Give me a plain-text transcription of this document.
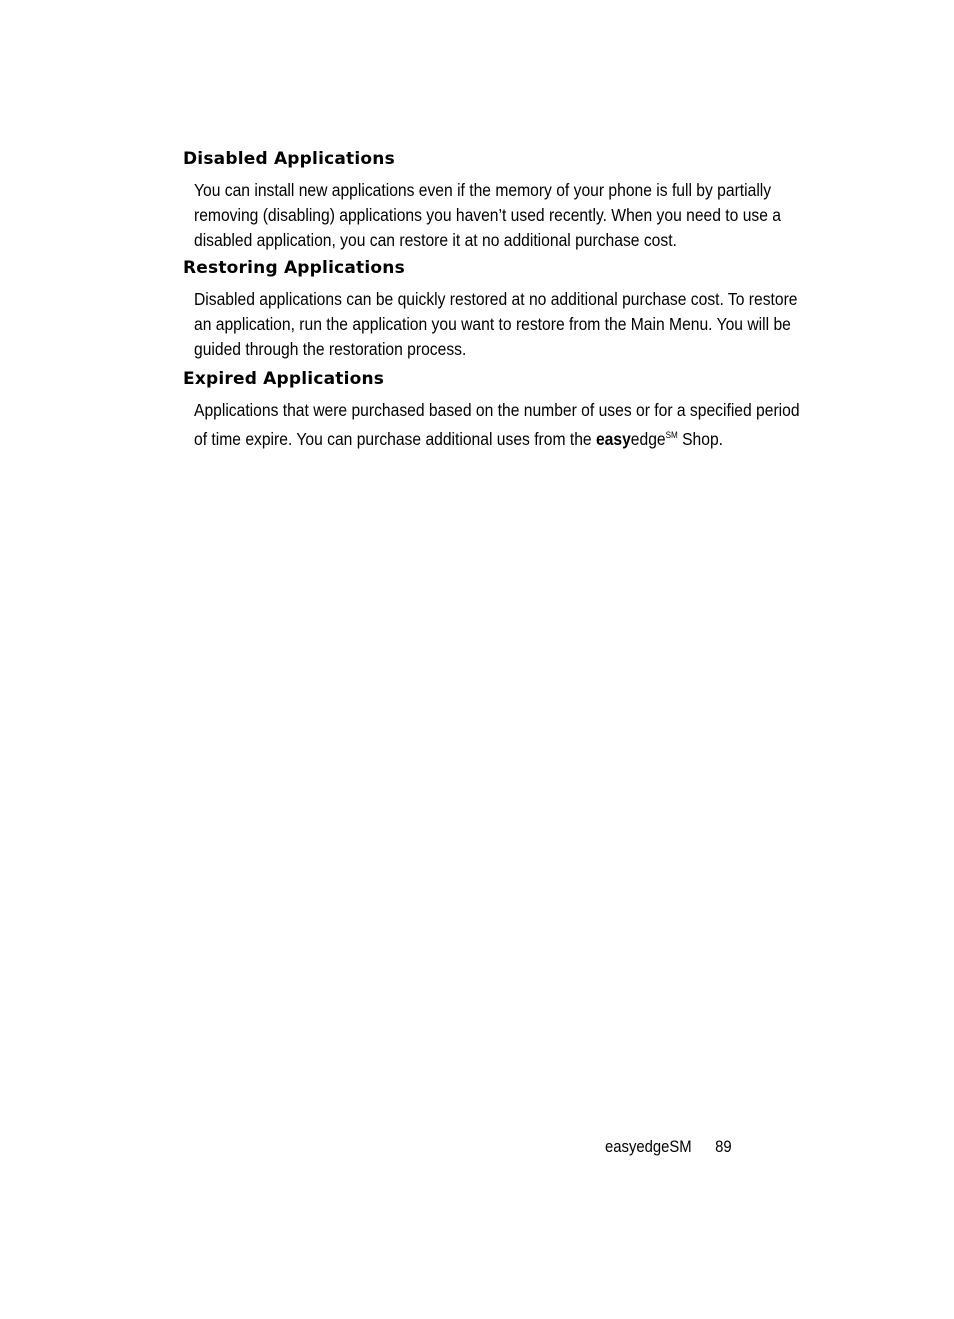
Disabled Applications

You can install new applications even if the memory of your phone is full by partially removing (disabling) applications you haven’t used recently. When you need to use a disabled application, you can restore it at no additional purchase cost.

Restoring Applications

Disabled applications can be quickly restored at no additional purchase cost. To restore an application, run the application you want to restore from the Main Menu. You will be guided through the restoration process.

Expired Applications

Applications that were purchased based on the number of uses or for a specified period of time expire. You can purchase additional uses from the easyedge℠ Shop.

easyedgeSM 89
